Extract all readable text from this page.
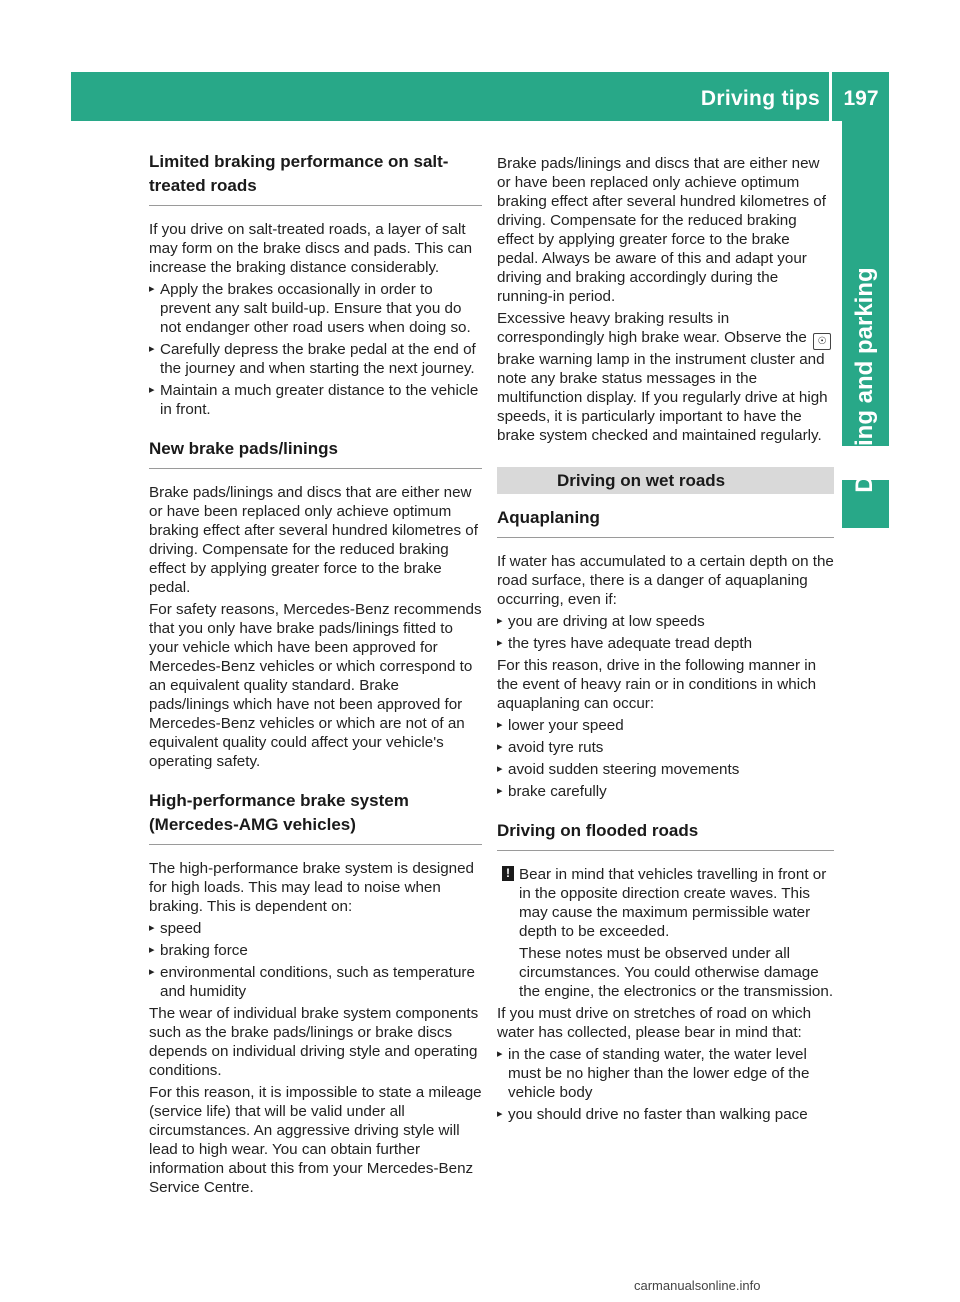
Driving tips 197
Driving and parking
Limited braking performance on salt-treated roads

If you drive on salt-treated roads, a layer of salt may form on the brake discs and pads. This can increase the braking distance considerably.

▸ Apply the brakes occasionally in order to prevent any salt build-up. Ensure that you do not endanger other road users when doing so.
▸ Carefully depress the brake pedal at the end of the journey and when starting the next journey.
▸ Maintain a much greater distance to the vehicle in front.
New brake pads/linings

Brake pads/linings and discs that are either new or have been replaced only achieve optimum braking effect after several hundred kilometres of driving. Compensate for the reduced braking effect by applying greater force to the brake pedal.

For safety reasons, Mercedes-Benz recommends that you only have brake pads/linings fitted to your vehicle which have been approved for Mercedes-Benz vehicles or which correspond to an equivalent quality standard. Brake pads/linings which have not been approved for Mercedes-Benz vehicles or which are not of an equivalent quality could affect your vehicle's operating safety.

High-performance brake system (Mercedes-AMG vehicles)

The high-performance brake system is designed for high loads. This may lead to noise when braking. This is dependent on:

▸ speed
▸ braking force
▸ environmental conditions, such as temperature and humidity

The wear of individual brake system components such as the brake pads/linings or brake discs depends on individual driving style and operating conditions.

For this reason, it is impossible to state a mileage (service life) that will be valid under all circumstances. An aggressive driving style will lead to high wear. You can obtain further information about this from your Mercedes-Benz Service Centre.

Brake pads/linings and discs that are either new or have been replaced only achieve optimum braking effect after several hundred kilometres of driving. Compensate for the reduced braking effect by applying greater force to the brake pedal. Always be aware of this and adapt your driving and braking accordingly during the running-in period.

Excessive heavy braking results in correspondingly high brake wear. Observe the ☉ brake warning lamp in the instrument cluster and note any brake status messages in the multifunction display. If you regularly drive at high speeds, it is particularly important to have the brake system checked and maintained regularly.

Driving on wet roads
Aquaplaning

If water has accumulated to a certain depth on the road surface, there is a danger of aquaplaning occurring, even if:

▸ you are driving at low speeds
▸ the tyres have adequate tread depth

For this reason, drive in the following manner in the event of heavy rain or in conditions in which aquaplaning can occur:

▸ lower your speed
▸ avoid tyre ruts
▸ avoid sudden steering movements
▸ brake carefully
Driving on flooded roads
! Bear in mind that vehicles travelling in front or in the opposite direction create waves. This may cause the maximum permissible water depth to be exceeded.

These notes must be observed under all circumstances. You could otherwise damage the engine, the electronics or the transmission.

If you must drive on stretches of road on which water has collected, please bear in mind that:

▸ in the case of standing water, the water level must be no higher than the lower edge of the vehicle body
▸ you should drive no faster than walking pace
carmanualsonline.info
